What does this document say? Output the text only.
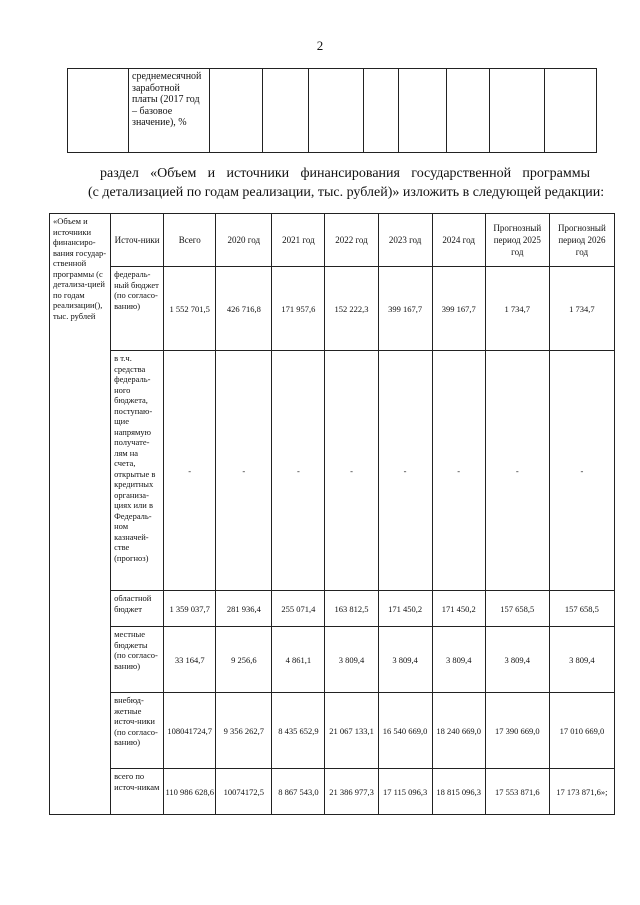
2
	среднемесячной заработной платы (2017 год – базовое значение), %								
раздел «Объем и источники финансирования государственной программы
(с детализацией по годам реализации, тыс. рублей)» изложить в следующей редакции:
«Объем и источники финансиро-вания государ-ственной программы (с детализа-цией по годам реализации(), тыс. рублей	Источ-ники	Всего	2020 год	2021 год	2022 год	2023 год	2024 год	Прогнозный период 2025 год	Прогнозный период 2026 год
	федераль-ный бюджет (по согласо-ванию)	1 552 701,5	426 716,8	171 957,6	152 222,3	399 167,7	399 167,7	1 734,7	1 734,7
	в т.ч. средства федераль-ного бюджета, поступаю-щие напрямую получате-лям на счета, открытые в кредитных организа-циях или в Федераль-ном казначей-стве (прогноз)	-	-	-	-	-	-	-	-
	областной бюджет	1 359 037,7	281 936,4	255 071,4	163 812,5	171 450,2	171 450,2	157 658,5	157 658,5
	местные бюджеты (по согласо-ванию)	33 164,7	9 256,6	4 861,1	3 809,4	3 809,4	3 809,4	3 809,4	3 809,4
	внебюд-жетные источ-ники (по согласо-ванию)	108041724,7	9 356 262,7	8 435 652,9	21 067 133,1	16 540 669,0	18 240 669,0	17 390 669,0	17 010 669,0
	всего по источ-никам	110 986 628,6	10074172,5	8 867 543,0	21 386 977,3	17 115 096,3	18 815 096,3	17 553 871,6	17 173 871,6»;
